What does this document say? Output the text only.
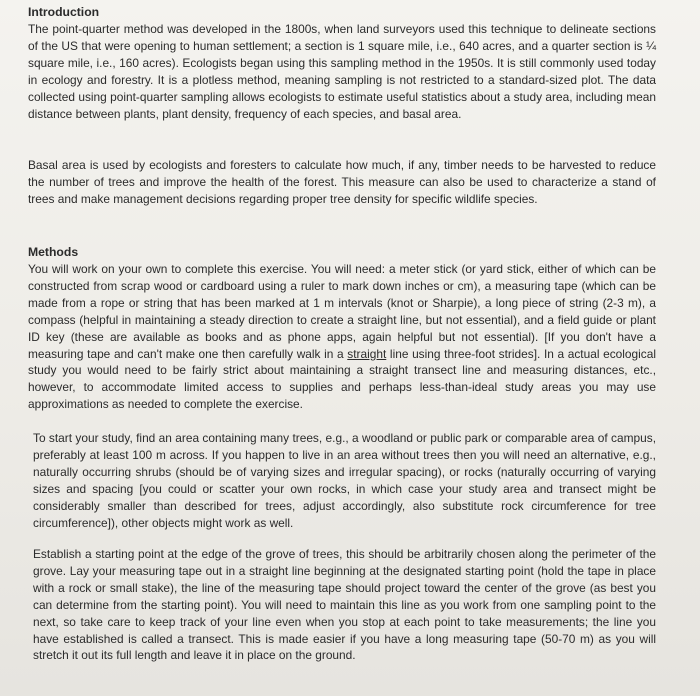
Introduction

The point-quarter method was developed in the 1800s, when land surveyors used this technique to delineate sections of the US that were opening to human settlement; a section is 1 square mile, i.e., 640 acres, and a quarter section is ¼ square mile, i.e., 160 acres). Ecologists began using this sampling method in the 1950s. It is still commonly used today in ecology and forestry. It is a plotless method, meaning sampling is not restricted to a standard-sized plot. The data collected using point-quarter sampling allows ecologists to estimate useful statistics about a study area, including mean distance between plants, plant density, frequency of each species, and basal area.

Basal area is used by ecologists and foresters to calculate how much, if any, timber needs to be harvested to reduce the number of trees and improve the health of the forest. This measure can also be used to characterize a stand of trees and make management decisions regarding proper tree density for specific wildlife species.

Methods

You will work on your own to complete this exercise. You will need: a meter stick (or yard stick, either of which can be constructed from scrap wood or cardboard using a ruler to mark down inches or cm), a measuring tape (which can be made from a rope or string that has been marked at 1 m intervals (knot or Sharpie), a long piece of string (2-3 m), a compass (helpful in maintaining a steady direction to create a straight line, but not essential), and a field guide or plant ID key (these are available as books and as phone apps, again helpful but not essential). [If you don't have a measuring tape and can't make one then carefully walk in a straight line using three-foot strides]. In a actual ecological study you would need to be fairly strict about maintaining a straight transect line and measuring distances, etc., however, to accommodate limited access to supplies and perhaps less-than-ideal study areas you may use approximations as needed to complete the exercise.

To start your study, find an area containing many trees, e.g., a woodland or public park or comparable area of campus, preferably at least 100 m across. If you happen to live in an area without trees then you will need an alternative, e.g., naturally occurring shrubs (should be of varying sizes and irregular spacing), or rocks (naturally occurring of varying sizes and spacing [you could or scatter your own rocks, in which case your study area and transect might be considerably smaller than described for trees, adjust accordingly, also substitute rock circumference for tree circumference]), other objects might work as well.

Establish a starting point at the edge of the grove of trees, this should be arbitrarily chosen along the perimeter of the grove. Lay your measuring tape out in a straight line beginning at the designated starting point (hold the tape in place with a rock or small stake), the line of the measuring tape should project toward the center of the grove (as best you can determine from the starting point). You will need to maintain this line as you work from one sampling point to the next, so take care to keep track of your line even when you stop at each point to take measurements; the line you have established is called a transect. This is made easier if you have a long measuring tape (50-70 m) as you will stretch it out its full length and leave it in place on the ground.
